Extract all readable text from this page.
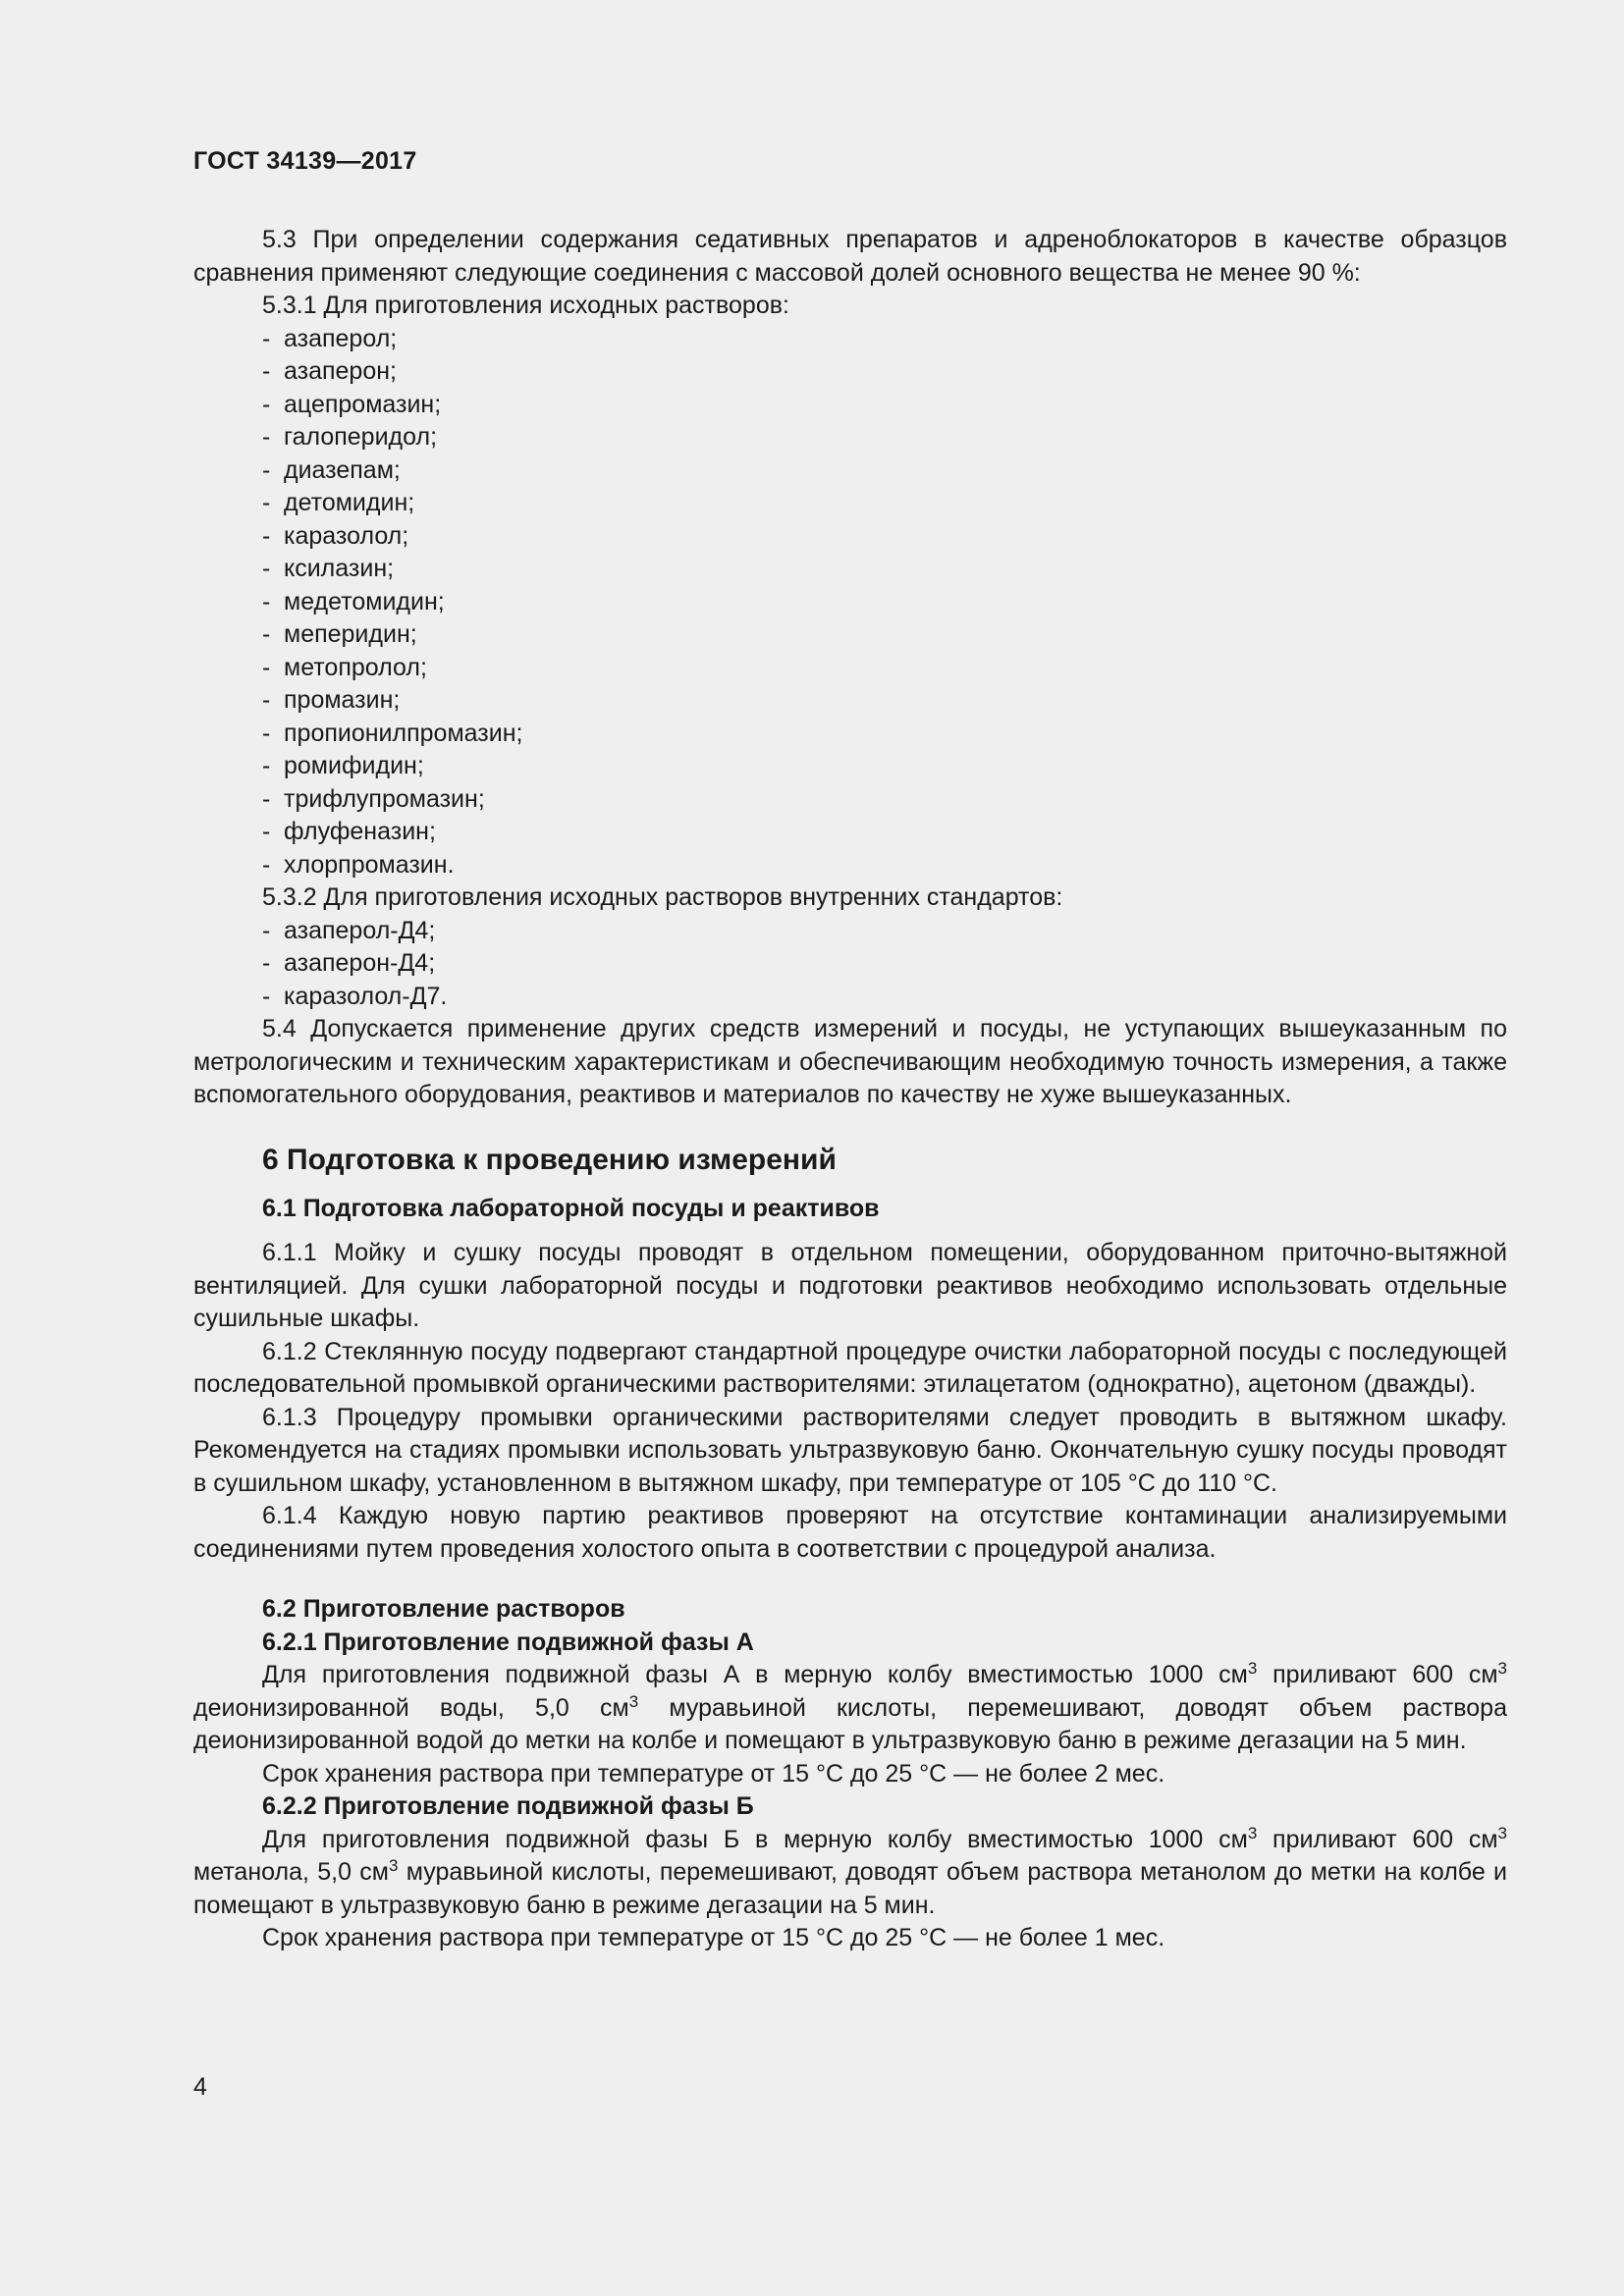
ГОСТ 34139—2017

5.3 При определении содержания седативных препаратов и адреноблокаторов в качестве образцов сравнения применяют следующие соединения с массовой долей основного вещества не менее 90 %:

5.3.1 Для приготовления исходных растворов:

- азаперол;

- азаперон;

- ацепромазин;

- галоперидол;

- диазепам;

- детомидин;

- каразолол;

- ксилазин;

- медетомидин;

- меперидин;

- метопролол;

- промазин;

- пропионилпромазин;

- ромифидин;

- трифлупромазин;

- флуфеназин;

- хлорпромазин.

5.3.2 Для приготовления исходных растворов внутренних стандартов:

- азаперол-Д4;

- азаперон-Д4;

- каразолол-Д7.

5.4 Допускается применение других средств измерений и посуды, не уступающих вышеуказанным по метрологическим и техническим характеристикам и обеспечивающим необходимую точность измерения, а также вспомогательного оборудования, реактивов и материалов по качеству не хуже вышеуказанных.

6 Подготовка к проведению измерений
6.1 Подготовка лабораторной посуды и реактивов

6.1.1 Мойку и сушку посуды проводят в отдельном помещении, оборудованном приточно-вытяжной вентиляцией. Для сушки лабораторной посуды и подготовки реактивов необходимо использовать отдельные сушильные шкафы.

6.1.2 Стеклянную посуду подвергают стандартной процедуре очистки лабораторной посуды с последующей последовательной промывкой органическими растворителями: этилацетатом (однократно), ацетоном (дважды).

6.1.3 Процедуру промывки органическими растворителями следует проводить в вытяжном шкафу. Рекомендуется на стадиях промывки использовать ультразвуковую баню. Окончательную сушку посуды проводят в сушильном шкафу, установленном в вытяжном шкафу, при температуре от 105 °С до 110 °С.

6.1.4 Каждую новую партию реактивов проверяют на отсутствие контаминации анализируемыми соединениями путем проведения холостого опыта в соответствии с процедурой анализа.

6.2 Приготовление растворов
6.2.1 Приготовление подвижной фазы А

Для приготовления подвижной фазы А в мерную колбу вместимостью 1000 $см^3$ приливают 600 $см^3$ деионизированной воды, 5,0 $см^3$ муравьиной кислоты, перемешивают, доводят объем раствора деионизированной водой до метки на колбе и помещают в ультразвуковую баню в режиме дегазации на 5 мин.

Срок хранения раствора при температуре от 15 °С до 25 °С — не более 2 мес.

6.2.2 Приготовление подвижной фазы Б

Для приготовления подвижной фазы Б в мерную колбу вместимостью 1000 $см^3$ приливают 600 $см^3$ метанола, 5,0 $см^3$ муравьиной кислоты, перемешивают, доводят объем раствора метанолом до метки на колбе и помещают в ультразвуковую баню в режиме дегазации на 5 мин.

Срок хранения раствора при температуре от 15 °С до 25 °С — не более 1 мес.

4
